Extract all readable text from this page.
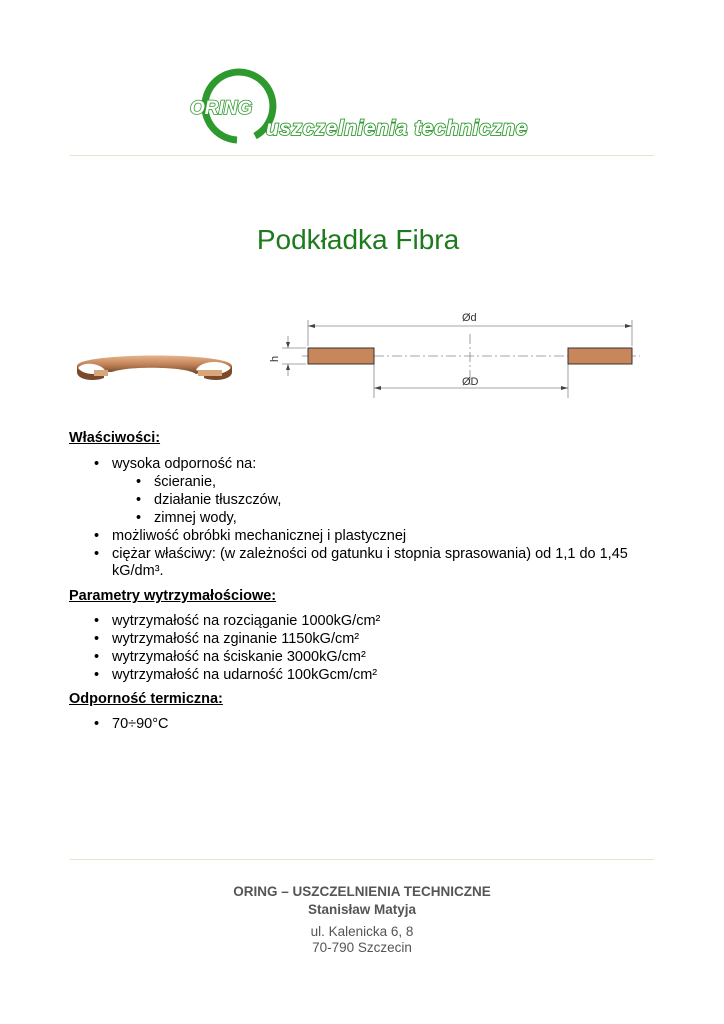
ORING
uszczelnienia techniczne
Podkładka Fibra
Ød
ØD
h
Właściwości:
• wysoka odporność na:
• ścieranie,
• działanie tłuszczów,
• zimnej wody,
• możliwość obróbki mechanicznej i plastycznej
• ciężar właściwy: (w zależności od gatunku i stopnia sprasowania) od 1,1 do 1,45
kG/dm³.
Parametry wytrzymałościowe:
• wytrzymałość na rozciąganie 1000kG/cm²
• wytrzymałość na zginanie 1150kG/cm²
• wytrzymałość na ściskanie 3000kG/cm²
• wytrzymałość na udarność 100kGcm/cm²
Odporność termiczna:
• 70÷90°C
ORING – USZCZELNIENIA TECHNICZNE
Stanisław Matyja
ul. Kalenicka 6, 8
70-790 Szczecin
